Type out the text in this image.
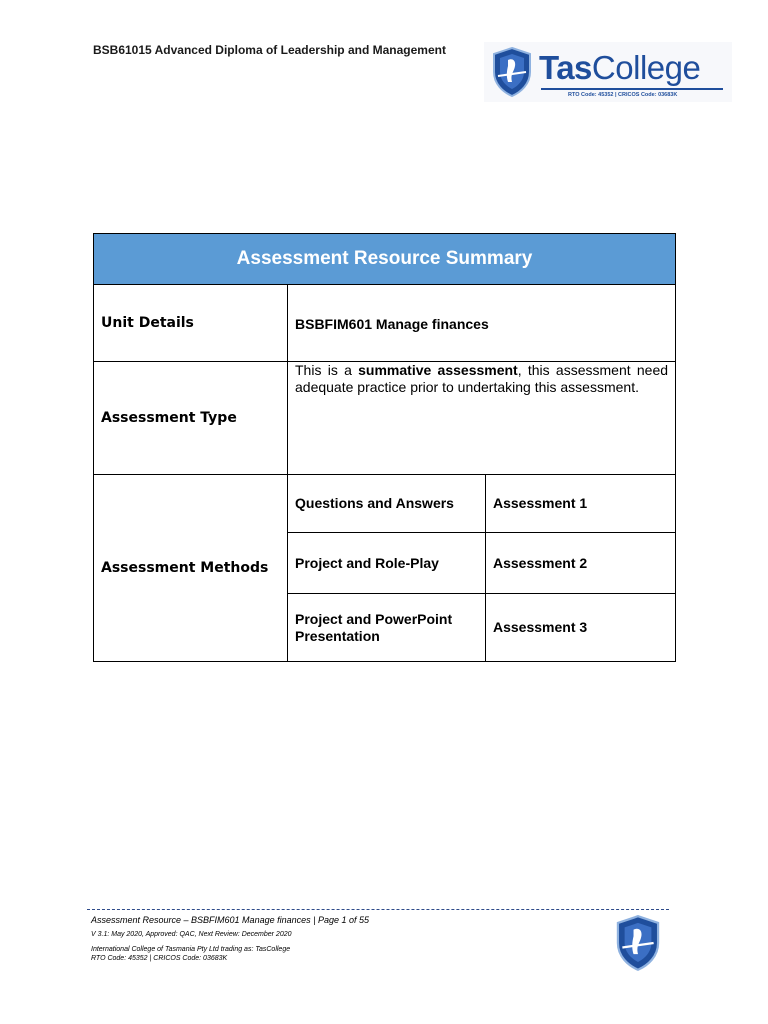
BSB61015 Advanced Diploma of Leadership and Management	TasCollege
RTO Code: 45352 | CRICOS Code: 03683K
Assessment Resource Summary		
Unit Details	BSBFIM601 Manage finances	
Assessment Type	This is a summative assessment, this assessment need adequate practice prior to undertaking this assessment.	
Assessment Methods	Questions and Answers	Assessment 1
	Project and Role-Play	Assessment 2
	Project and PowerPoint Presentation	Assessment 3
Assessment Resource – BSBFIM601 Manage finances | Page 1 of 55
V 3.1: May 2020, Approved: QAC, Next Review: December 2020
International College of Tasmania Pty Ltd trading as: TasCollege
RTO Code: 45352 | CRICOS Code: 03683K
